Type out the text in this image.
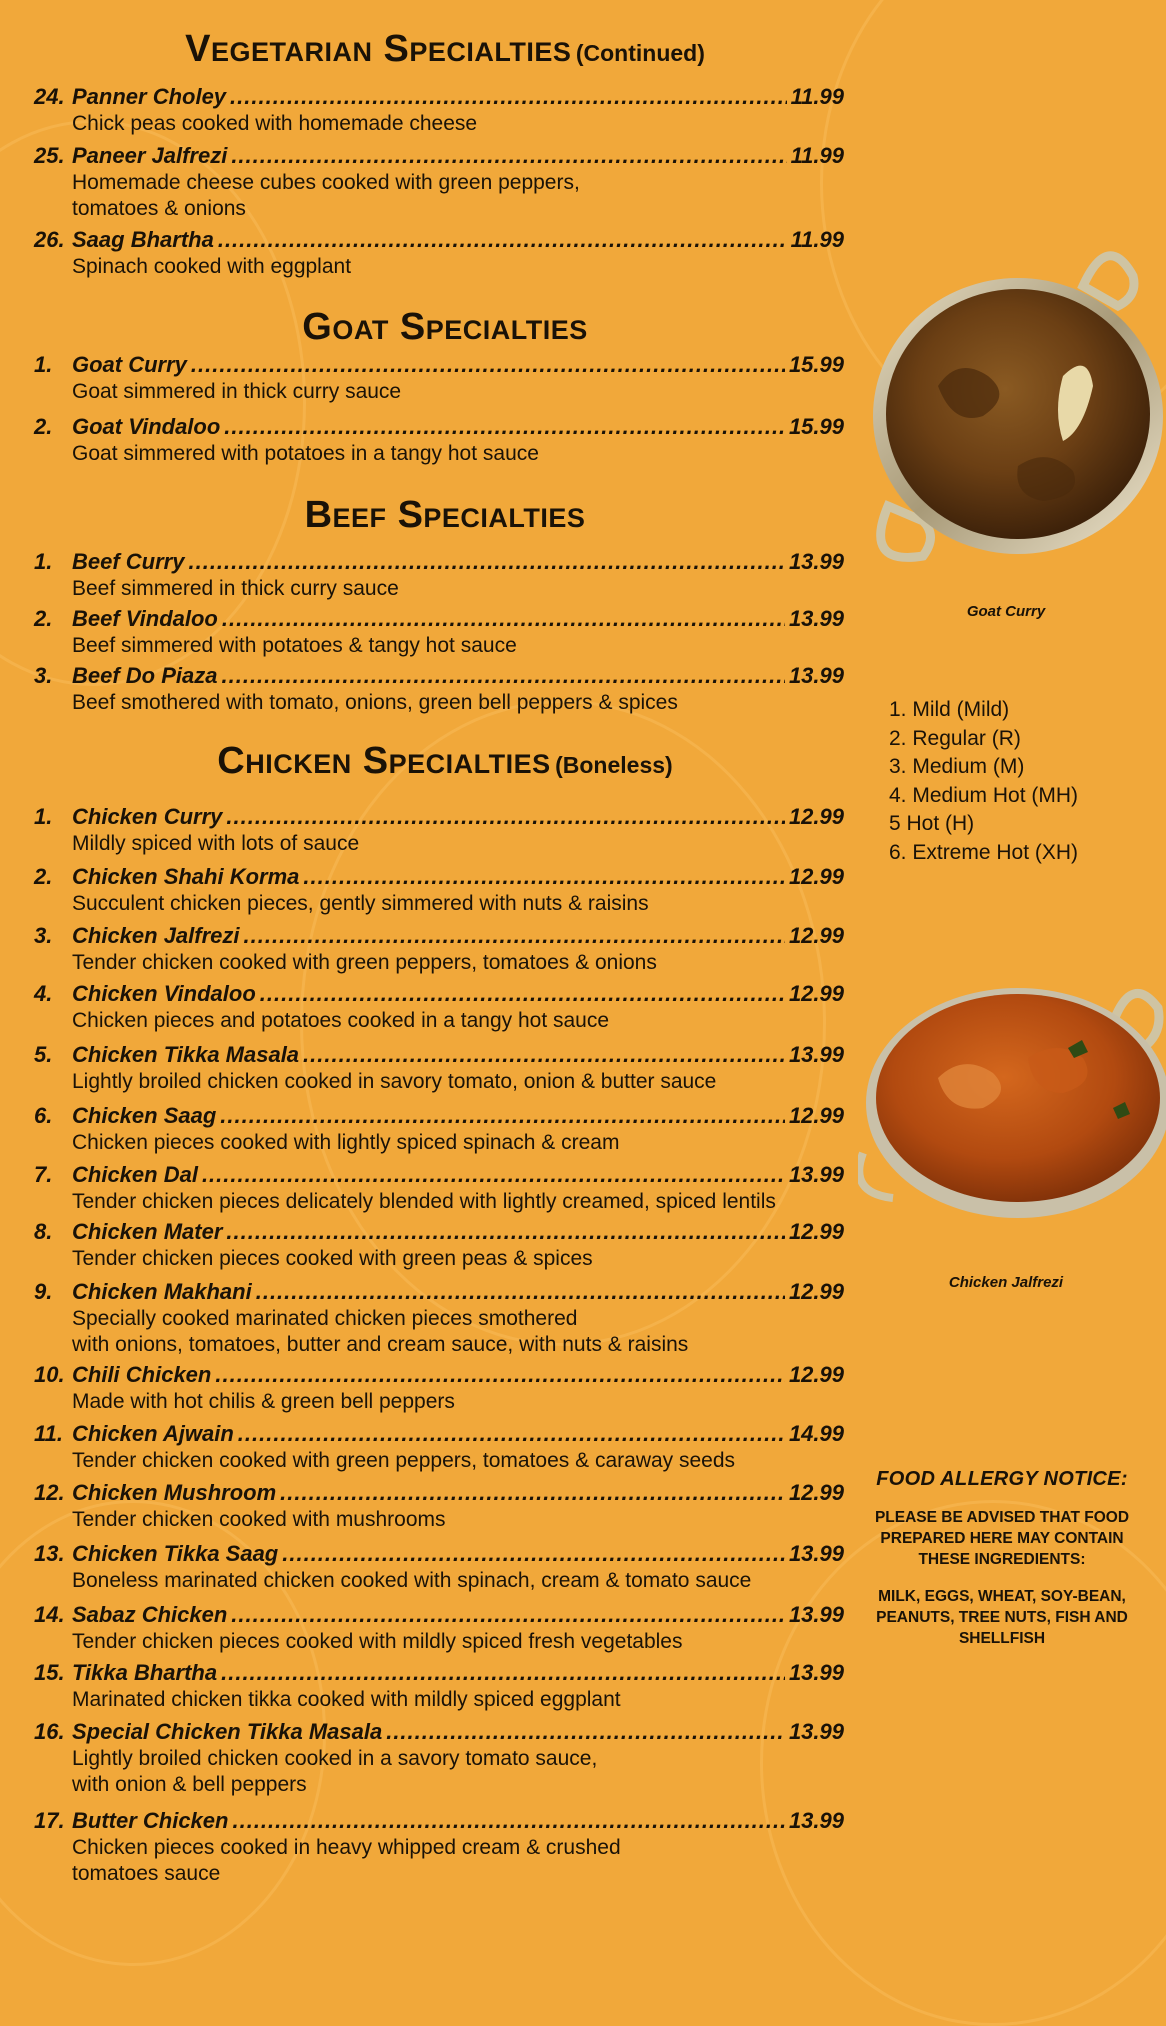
Vegetarian Specialties (Continued)
Goat Specialties
Beef Specialties
Chicken Specialties (Boneless)
24. Panner Choley .....	11.99
Chick peas cooked with homemade cheese
25. Paneer Jalfrezi .....	11.99
Homemade cheese cubes cooked with green peppers,
tomatoes & onions
26. Saag Bhartha .....	11.99
Spinach cooked with eggplant
1. Goat Curry .....	15.99
Goat simmered in thick curry sauce
2. Goat Vindaloo .....	15.99
Goat simmered with potatoes in a tangy hot sauce
1. Beef Curry .....	13.99
Beef simmered in thick curry sauce
2. Beef Vindaloo .....	13.99
Beef simmered with potatoes & tangy hot sauce
3. Beef Do Piaza .....	13.99
Beef smothered with tomato, onions, green bell peppers & spices
1. Chicken Curry .....	12.99
Mildly spiced with lots of sauce
2. Chicken Shahi Korma .....	12.99
Succulent chicken pieces, gently simmered with nuts & raisins
3. Chicken Jalfrezi .....	12.99
Tender chicken cooked with green peppers, tomatoes & onions
4. Chicken Vindaloo .....	12.99
Chicken pieces and potatoes cooked in a tangy hot sauce
5. Chicken Tikka Masala .....	13.99
Lightly broiled chicken cooked in savory tomato, onion & butter sauce
6. Chicken Saag .....	12.99
Chicken pieces cooked with lightly spiced spinach & cream
7. Chicken Dal .....	13.99
Tender chicken pieces delicately blended with lightly creamed, spiced lentils
8. Chicken Mater .....	12.99
Tender chicken pieces cooked with green peas & spices
9. Chicken Makhani .....	12.99
Specially cooked marinated chicken pieces smothered
with onions, tomatoes, butter and cream sauce, with nuts & raisins
10. Chili Chicken .....	12.99
Made with hot chilis & green bell peppers
11. Chicken Ajwain .....	14.99
Tender chicken cooked with green peppers, tomatoes & caraway seeds
12. Chicken Mushroom .....	12.99
Tender chicken cooked with mushrooms
13. Chicken Tikka Saag .....	13.99
Boneless marinated chicken cooked with spinach, cream & tomato sauce
14. Sabaz Chicken .....	13.99
Tender chicken pieces cooked with mildly spiced fresh vegetables
15. Tikka Bhartha .....	13.99
Marinated chicken tikka cooked with mildly spiced eggplant
16. Special Chicken Tikka Masala .....	13.99
Lightly broiled chicken cooked in a savory tomato sauce,
with onion & bell peppers
17. Butter Chicken .....	13.99
Chicken pieces cooked in heavy whipped cream & crushed
tomatoes sauce
Goat Curry
1. Mild (Mild)
2. Regular (R)
3. Medium (M)
4. Medium Hot (MH)
5 Hot (H)
6. Extreme Hot (XH)
Chicken Jalfrezi
FOOD ALLERGY NOTICE:
PLEASE BE ADVISED THAT FOOD PREPARED HERE MAY CONTAIN THESE INGREDIENTS:
MILK, EGGS, WHEAT, SOY-BEAN, PEANUTS, TREE NUTS, FISH AND SHELLFISH
